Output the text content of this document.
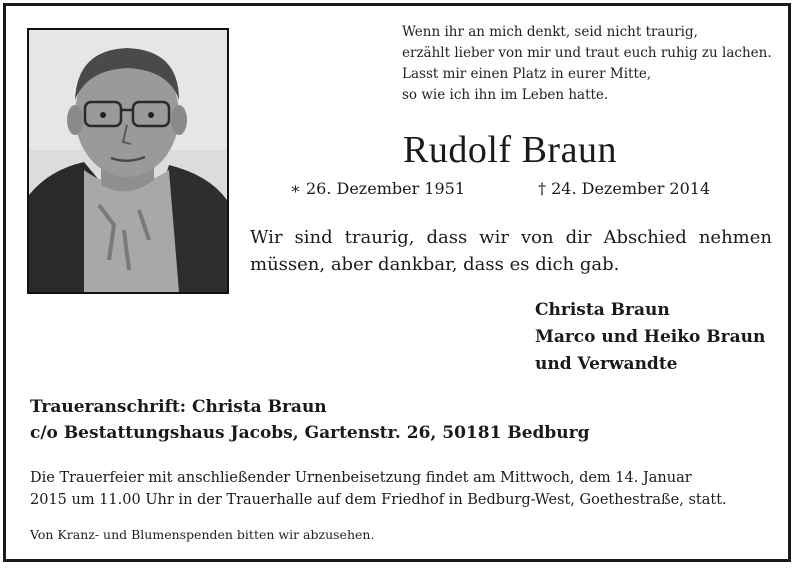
Wenn ihr an mich denkt, seid nicht traurig,
erzählt lieber von mir und traut euch ruhig zu lachen.
Lasst mir einen Platz in eurer Mitte,
so wie ich ihn im Leben hatte.
Rudolf Braun
∗ 26. Dezember 1951	† 24. Dezember 2014
Wir sind traurig, dass wir von dir Abschied nehmen müssen, aber dankbar, dass es dich gab.
Christa Braun
Marco und Heiko Braun
und Verwandte
Traueranschrift: Christa Braun
c/o Bestattungshaus Jacobs, Gartenstr. 26, 50181 Bedburg
Die Trauerfeier mit anschließender Urnenbeisetzung findet am Mittwoch, dem 14. Januar
2015 um 11.00 Uhr in der Trauerhalle auf dem Friedhof in Bedburg-West, Goethestraße, statt.
Von Kranz- und Blumenspenden bitten wir abzusehen.
